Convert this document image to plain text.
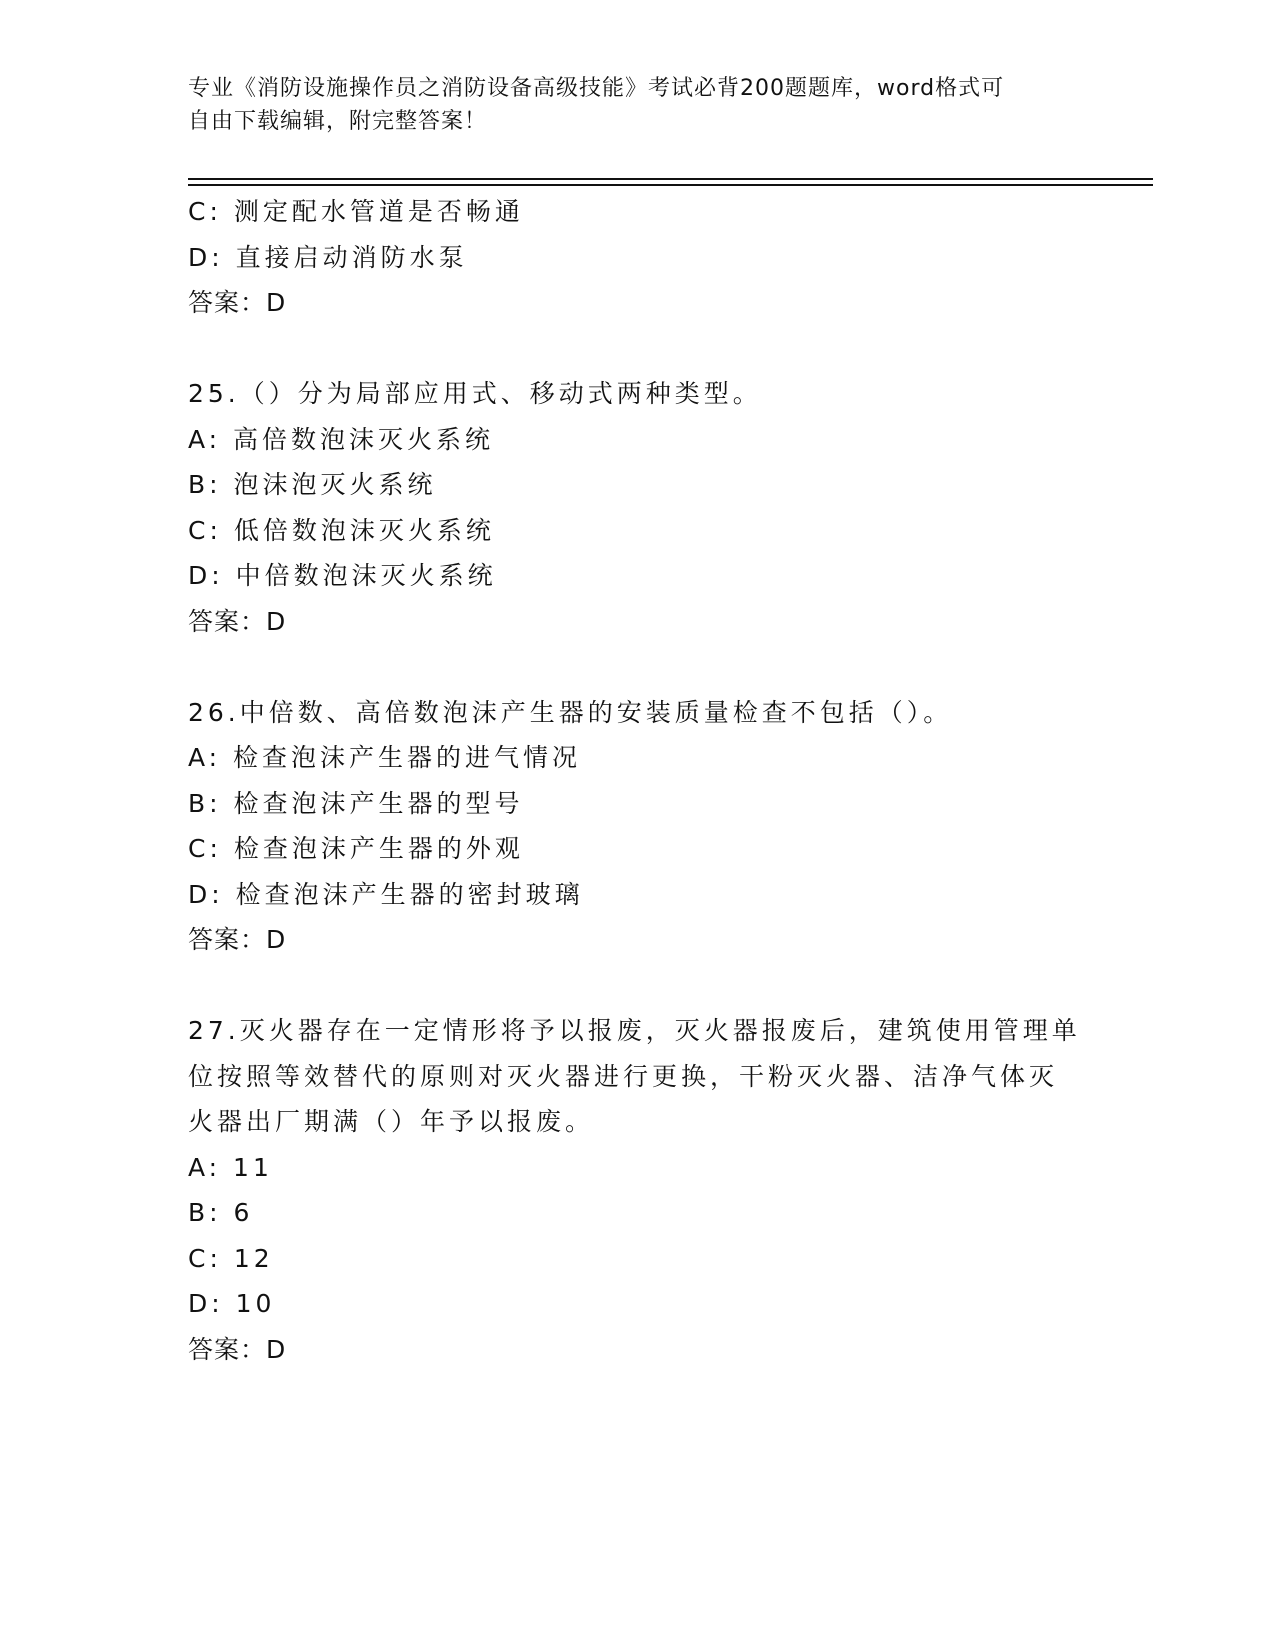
专业《消防设施操作员之消防设备高级技能》考试必背200题题库，word格式可
自由下载编辑，附完整答案！
C: 测定配水管道是否畅通
D: 直接启动消防水泵
答案：D
25.（）分为局部应用式、移动式两种类型。
A: 高倍数泡沫灭火系统
B: 泡沫泡灭火系统
C: 低倍数泡沫灭火系统
D: 中倍数泡沫灭火系统
答案：D
26.中倍数、高倍数泡沫产生器的安装质量检查不包括（）。
A: 检查泡沫产生器的进气情况
B: 检查泡沫产生器的型号
C: 检查泡沫产生器的外观
D: 检查泡沫产生器的密封玻璃
答案：D
27.灭火器存在一定情形将予以报废，灭火器报废后，建筑使用管理单
位按照等效替代的原则对灭火器进行更换，干粉灭火器、洁净气体灭
火器出厂期满（）年予以报废。
A: 11
B: 6
C: 12
D: 10
答案：D
